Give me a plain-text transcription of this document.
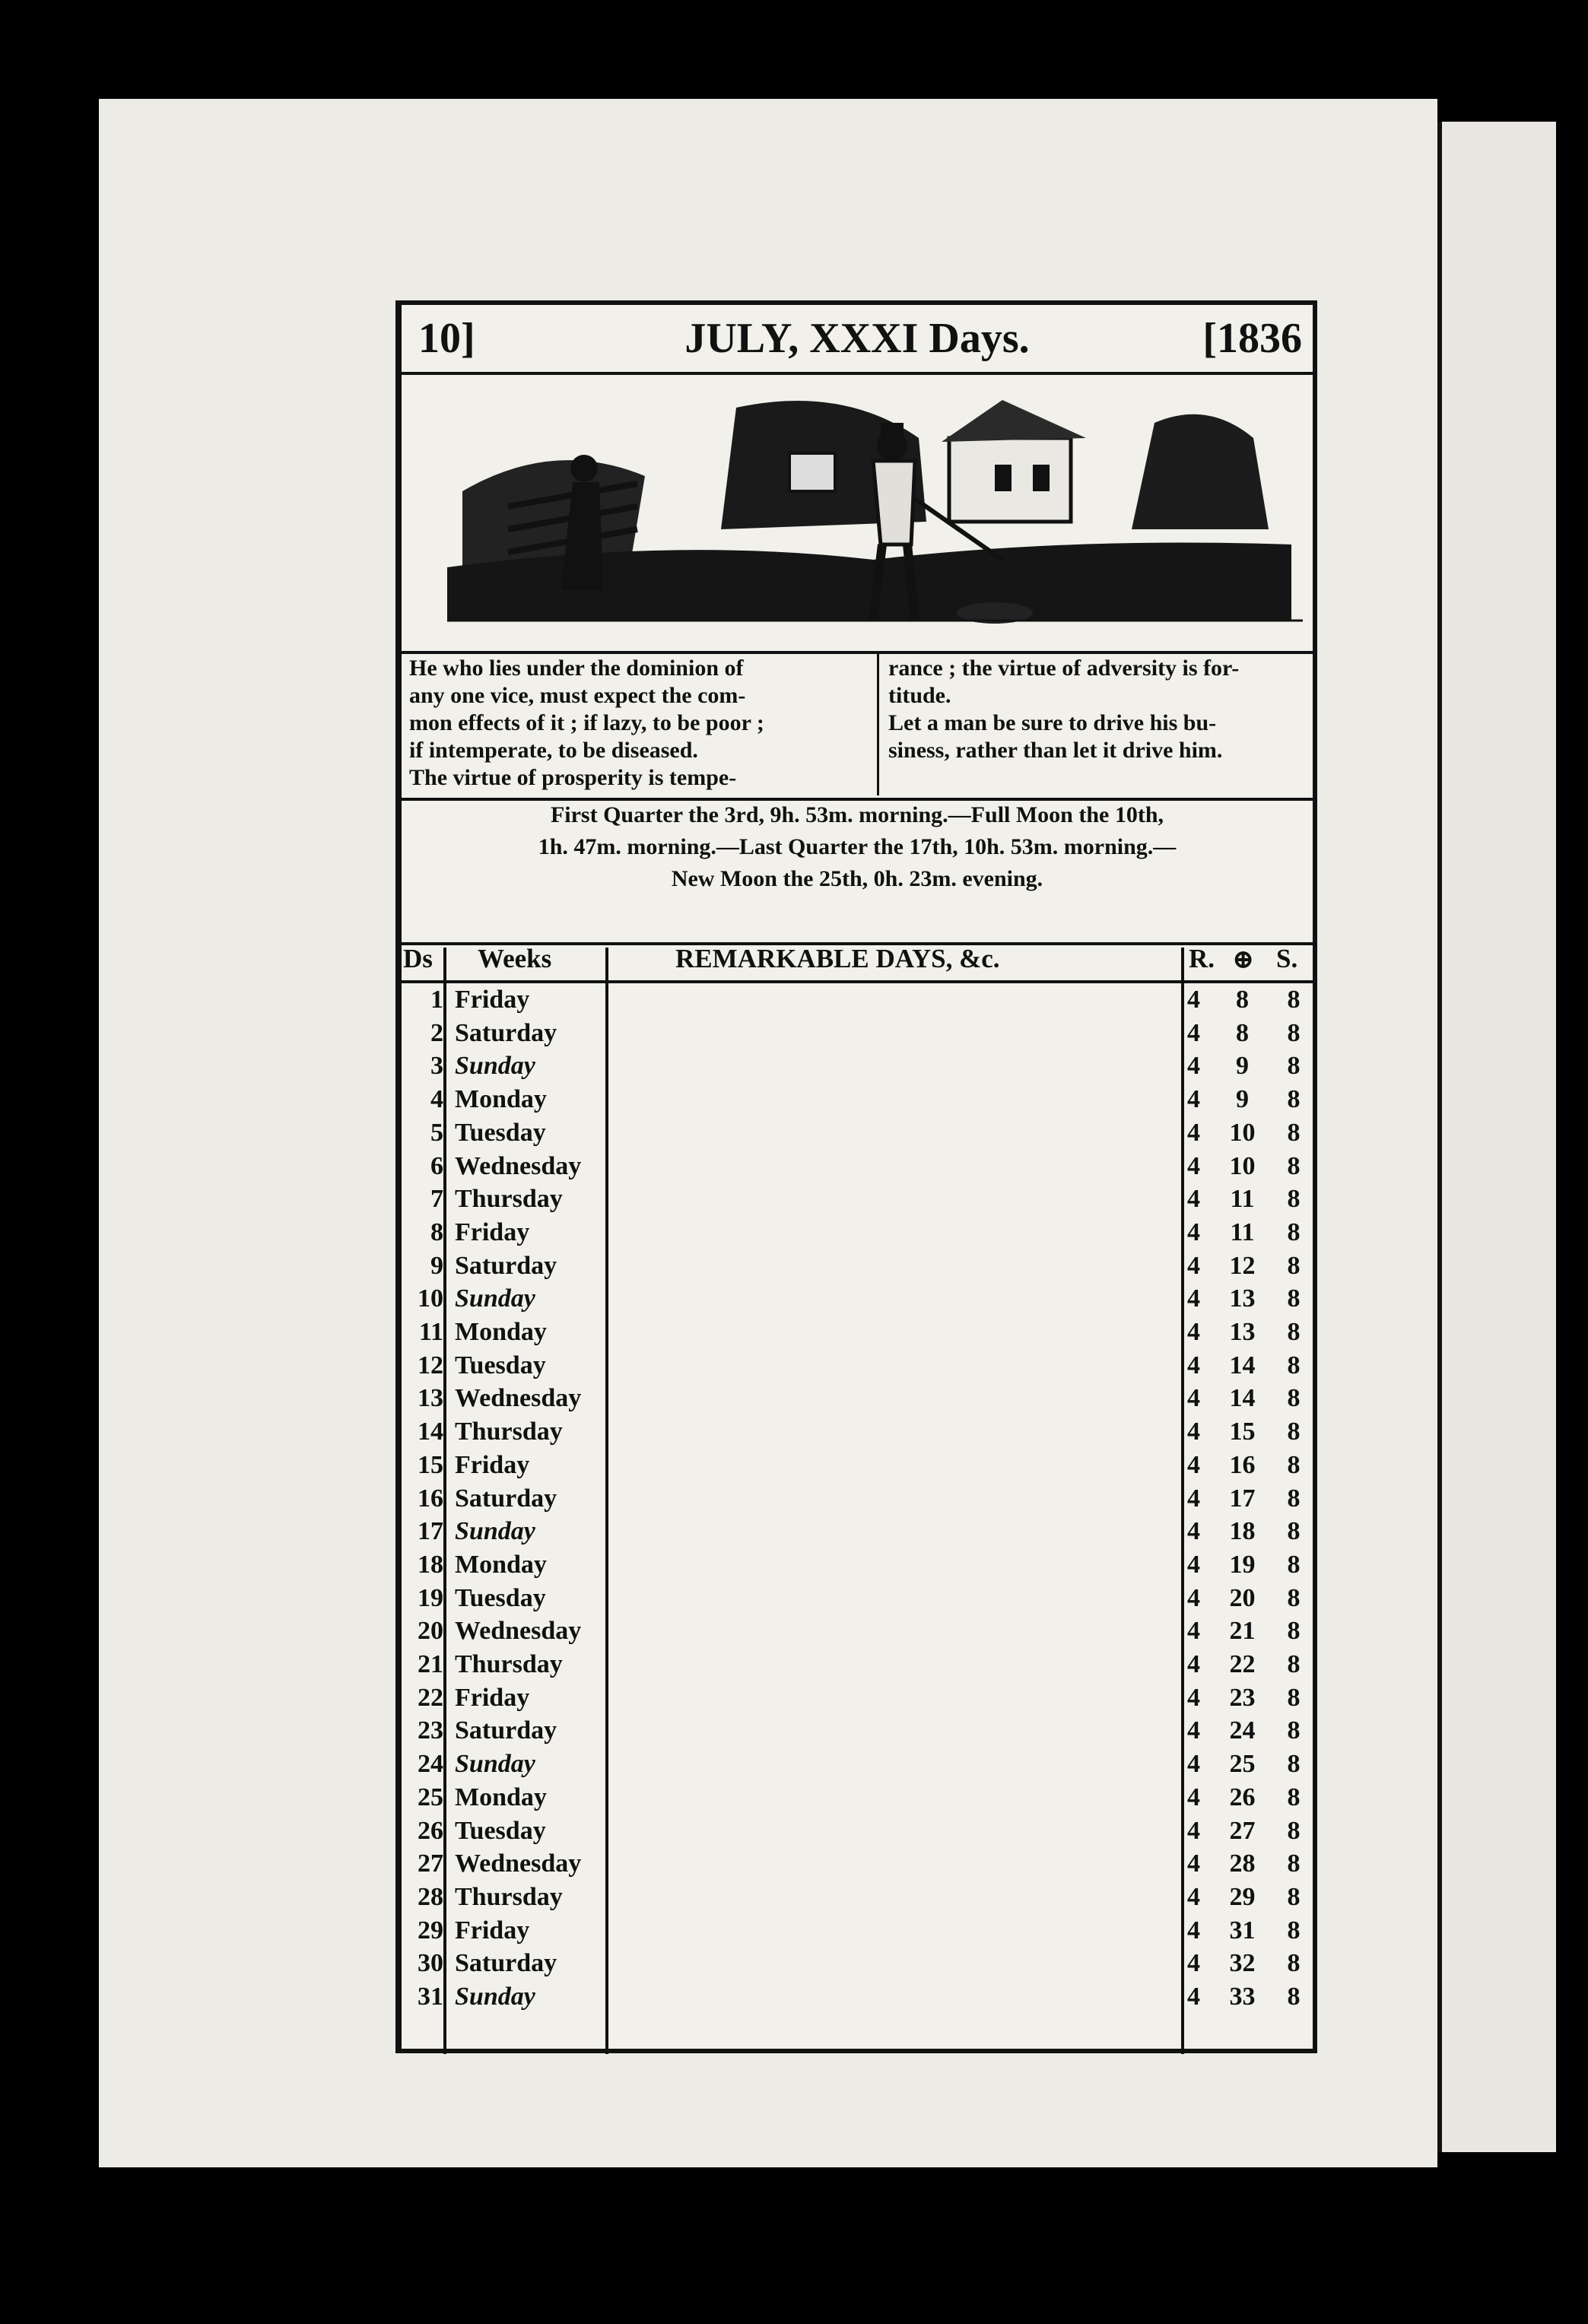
10]	JULY, XXXI Days.	[1836
He who lies under the dominion of
any one vice, must expect the com-
mon effects of it ; if lazy, to be poor ;
if intemperate, to be diseased.
The virtue of prosperity is tempe-
rance ; the virtue of adversity is for-
titude.
Let a man be sure to drive his bu-
siness, rather than let it drive him.
First Quarter the 3rd, 9h. 53m. morning.—Full Moon the 10th,
1h. 47m. morning.—Last Quarter the 17th, 10h. 53m. morning.—
New Moon the 25th, 0h. 23m. evening.
Ds Weeks	REMARKABLE DAYS, &c.	R. ⊕ S.
1 Friday	4	8	8
2 Saturday	4	8	8
3 Sunday	4	9	8
4 Monday	4	9	8
5 Tuesday	4	10	8
6 Wednesday	4	10	8
7 Thursday	4	11	8
8 Friday	4	11	8
9 Saturday	4	12	8
10 Sunday	4	13	8
11 Monday	4	13	8
12 Tuesday	4	14	8
13 Wednesday	4	14	8
14 Thursday	4	15	8
15 Friday	4	16	8
16 Saturday	4	17	8
17 Sunday	4	18	8
18 Monday	4	19	8
19 Tuesday	4	20	8
20 Wednesday	4	21	8
21 Thursday	4	22	8
22 Friday	4	23	8
23 Saturday	4	24	8
24 Sunday	4	25	8
25 Monday	4	26	8
26 Tuesday	4	27	8
27 Wednesday	4	28	8
28 Thursday	4	29	8
29 Friday	4	31	8
30 Saturday	4	32	8
31 Sunday	4	33	8
